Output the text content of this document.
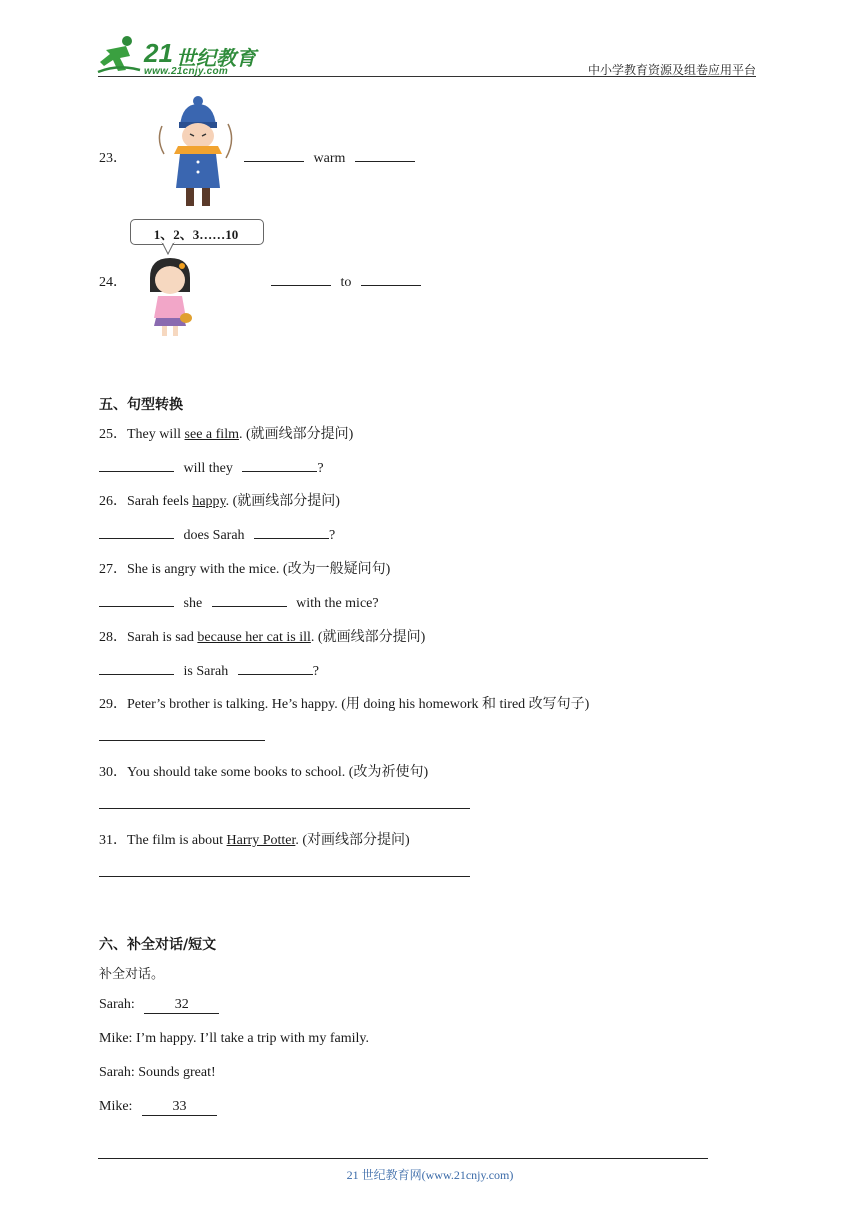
21 世纪教育
www.21cnjy.com	中小学教育资源及组卷应用平台
23．	warm
1、2、3……10
24．	to
五、句型转换
25．They will see a film. (就画线部分提问)
will they	?
26．Sarah feels happy. (就画线部分提问)
does Sarah	?
27．She is angry with the mice. (改为一般疑问句)
she	with the mice?
28．Sarah is sad because her cat is ill. (就画线部分提问)
is Sarah	?
29．Peter’s brother is talking. He’s happy. (用 doing his homework 和 tired 改写句子)
30．You should take some books to school. (改为祈使句)
31．The film is about Harry Potter. (对画线部分提问)
六、补全对话/短文
补全对话。
Sarah:	32
Mike: I’m happy. I’ll take a trip with my family.
Sarah: Sounds great!
Mike:	33
21 世纪教育网(www.21cnjy.com)
